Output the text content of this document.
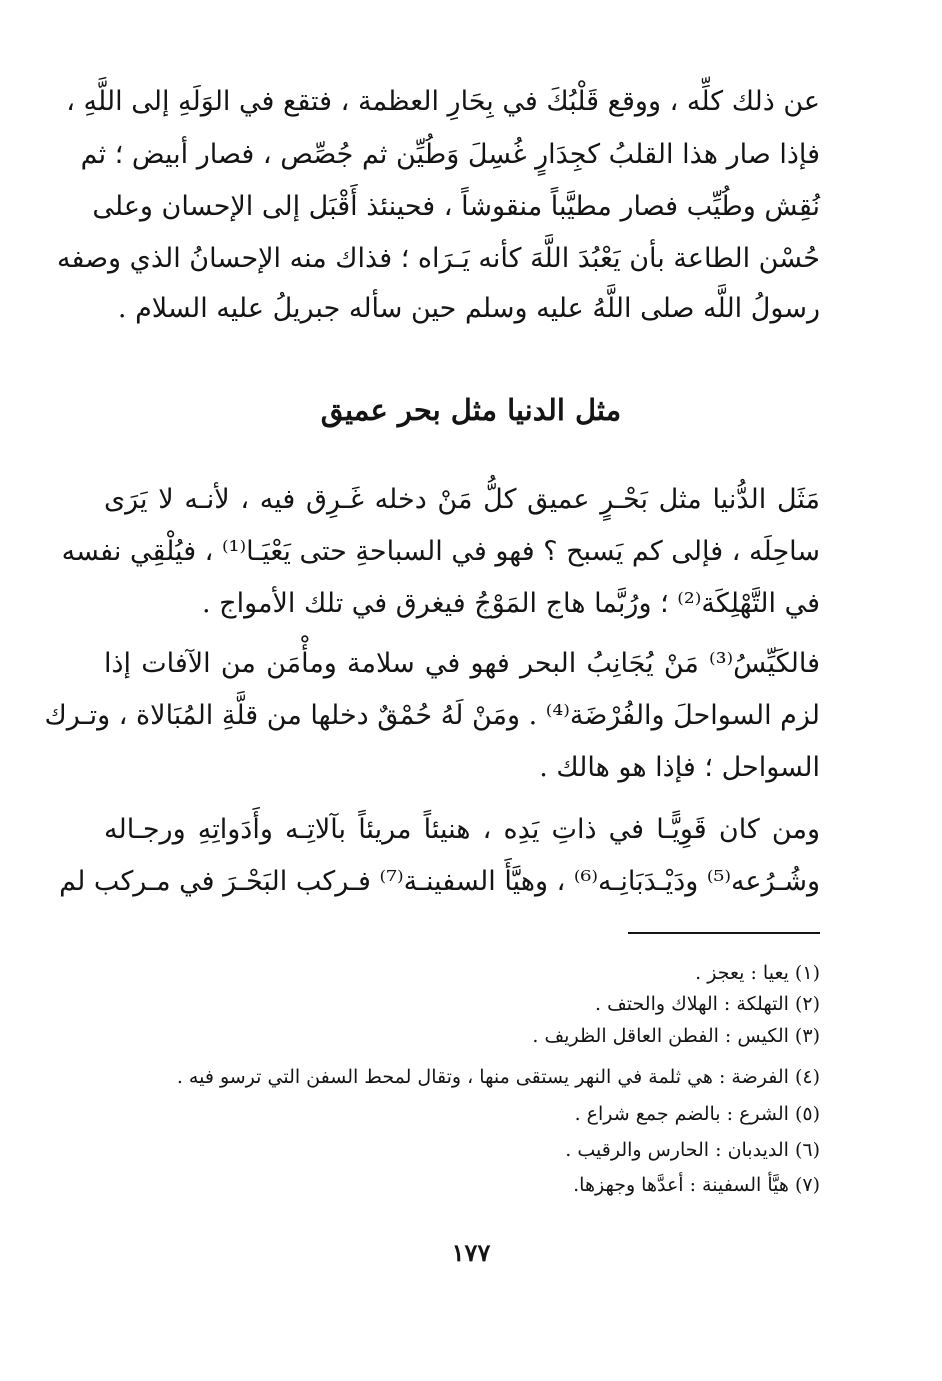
عن ذلك كلِّه ، ووقع قَلْبُكَ في بِحَارِ العظمة ، فتقع في الوَلَهِ إلى اللَّهِ ،
فإذا صار هذا القلبُ كجِدَارٍ غُسِلَ وَطُيِّن ثم جُصِّص ، فصار أبيض ؛ ثم
نُقِش وطُيِّب فصار مطيَّباً منقوشاً ، فحينئذ أَقْبَل إلى الإحسان وعلى
حُسْن الطاعة بأن يَعْبُدَ اللَّهَ كأنه يَـرَاه ؛ فذاك منه الإحسانُ الذي وصفه
رسولُ اللَّه صلى اللَّهُ عليه وسلم حين سأله جبريلُ عليه السلام .
مثل الدنيا مثل بحر عميق
مَثَل الدُّنيا مثل بَحْـرٍ عميق كلُّ مَنْ دخله غَـرِق فيه ، لأنـه لا يَرَى
ساحِلَه ، فإلى كم يَسبح ؟ فهو في السباحةِ حتى يَعْيَـا⁽¹⁾ ، فيُلْقِي نفسه
في التَّهْلِكَة⁽²⁾ ؛ ورُبَّما هاج المَوْجُ فيغرق في تلك الأمواج .
فالكَيِّسُ⁽³⁾ مَنْ يُجَانِبُ البحر فهو في سلامة ومأْمَن من الآفات إذا
لزم السواحلَ والفُرْضَة⁽⁴⁾ . ومَنْ لَهُ حُمْقٌ دخلها من قلَّةِ المُبَالاة ، وتـرك
السواحل ؛ فإذا هو هالك .
ومن كان قَوِيًّـا في ذاتِ يَدِه ، هنيئاً مريئاً بآلاتِـه وأَدَواتِهِ ورجـاله
وشُـرُعه⁽⁵⁾ ودَيْـدَبَانِـه⁽⁶⁾ ، وهيَّأَ السفينـة⁽⁷⁾ فـركب البَحْـرَ في مـركب لم
(١) يعيا : يعجز .
(٢) التهلكة : الهلاك والحتف .
(٣) الكيس : الفطن العاقل الظريف .
(٤) الفرضة : هي ثلمة في النهر يستقى منها ، وتقال لمحط السفن التي ترسو فيه .
(٥) الشرع : بالضم جمع شراع .
(٦) الديدبان : الحارس والرقيب .
(٧) هيَّأ السفينة : أعدَّها وجهزها.
١٧٧
